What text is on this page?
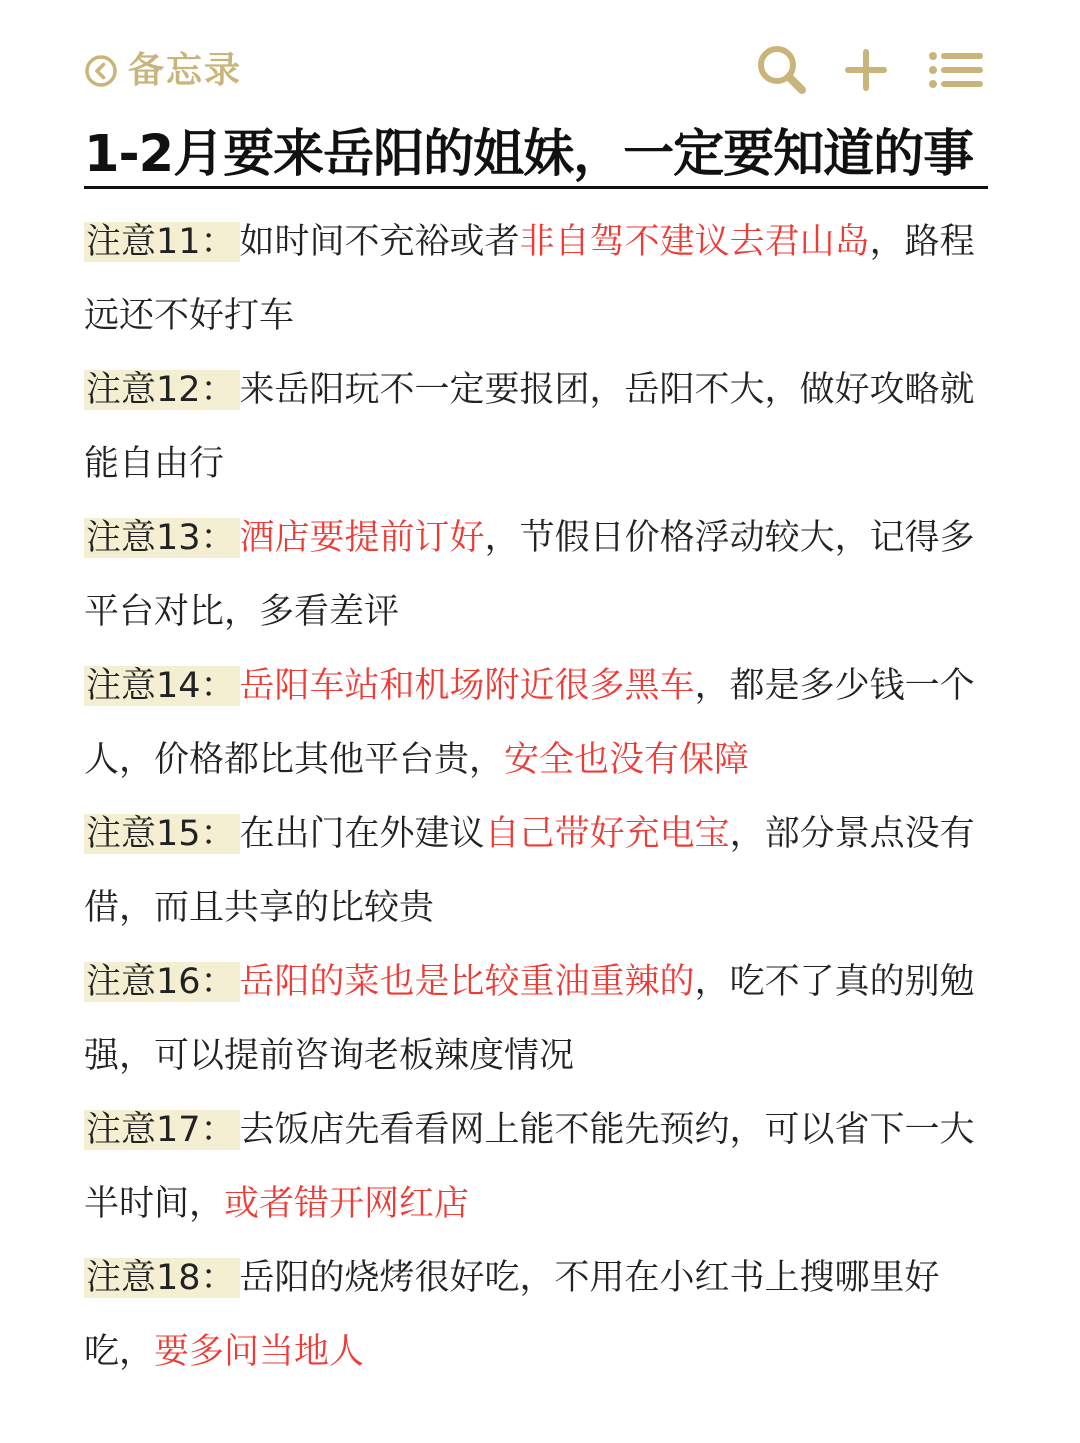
备忘录
1-2月要来岳阳的姐妹，一定要知道的事

注意11： 如时间不充裕或者非自驾不建议去君山岛，路程远还不好打车

注意12： 来岳阳玩不一定要报团，岳阳不大，做好攻略就能自由行

注意13： 酒店要提前订好，节假日价格浮动较大，记得多平台对比，多看差评

注意14： 岳阳车站和机场附近很多黑车，都是多少钱一个人，价格都比其他平台贵，安全也没有保障

注意15： 在出门在外建议自己带好充电宝，部分景点没有借，而且共享的比较贵

注意16： 岳阳的菜也是比较重油重辣的，吃不了真的别勉强，可以提前咨询老板辣度情况

注意17： 去饭店先看看网上能不能先预约，可以省下一大半时间，或者错开网红店

注意18： 岳阳的烧烤很好吃，不用在小红书上搜哪里好吃，要多问当地人
